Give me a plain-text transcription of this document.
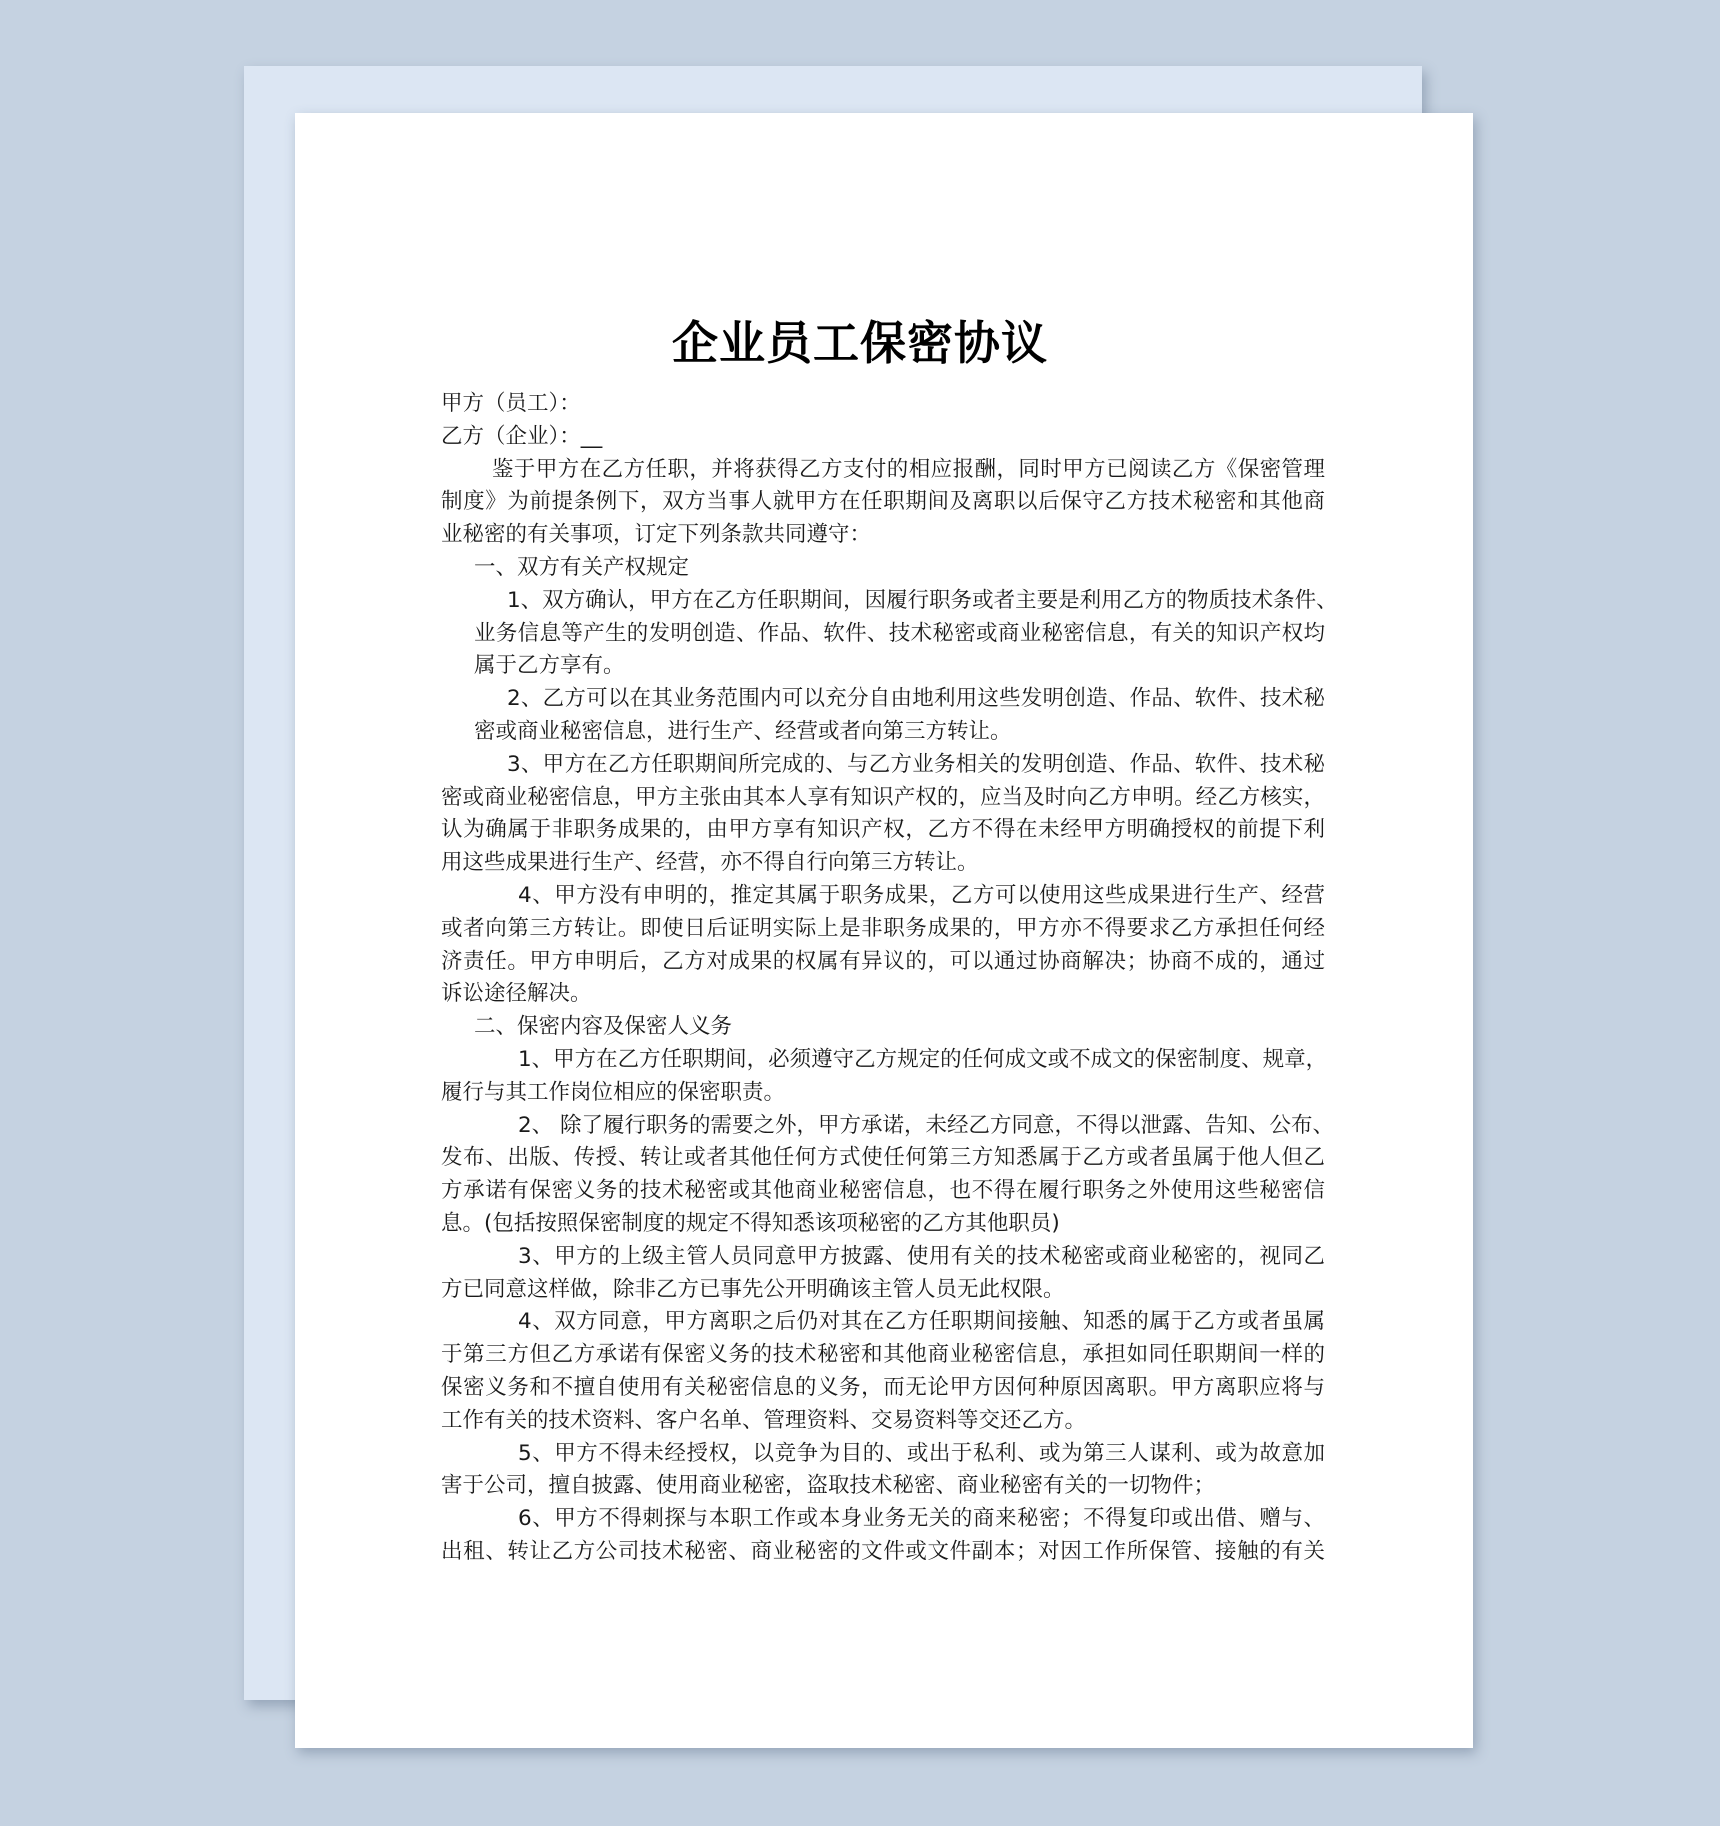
企业员工保密协议
甲方（员工）：
乙方（企业）：__
鉴于甲方在乙方任职，并将获得乙方支付的相应报酬，同时甲方已阅读乙方《保密管理
制度》为前提条例下，双方当事人就甲方在任职期间及离职以后保守乙方技术秘密和其他商
业秘密的有关事项，订定下列条款共同遵守：
一、双方有关产权规定
1、双方确认，甲方在乙方任职期间，因履行职务或者主要是利用乙方的物质技术条件、
业务信息等产生的发明创造、作品、软件、技术秘密或商业秘密信息，有关的知识产权均
属于乙方享有。
2、乙方可以在其业务范围内可以充分自由地利用这些发明创造、作品、软件、技术秘
密或商业秘密信息，进行生产、经营或者向第三方转让。
3、甲方在乙方任职期间所完成的、与乙方业务相关的发明创造、作品、软件、技术秘
密或商业秘密信息，甲方主张由其本人享有知识产权的，应当及时向乙方申明。经乙方核实，
认为确属于非职务成果的，由甲方享有知识产权，乙方不得在未经甲方明确授权的前提下利
用这些成果进行生产、经营，亦不得自行向第三方转让。
4、甲方没有申明的，推定其属于职务成果，乙方可以使用这些成果进行生产、经营
或者向第三方转让。即使日后证明实际上是非职务成果的，甲方亦不得要求乙方承担任何经
济责任。甲方申明后，乙方对成果的权属有异议的，可以通过协商解决；协商不成的，通过
诉讼途径解决。
二、保密内容及保密人义务
1、甲方在乙方任职期间，必须遵守乙方规定的任何成文或不成文的保密制度、规章，
履行与其工作岗位相应的保密职责。
2、 除了履行职务的需要之外，甲方承诺，未经乙方同意，不得以泄露、告知、公布、
发布、出版、传授、转让或者其他任何方式使任何第三方知悉属于乙方或者虽属于他人但乙
方承诺有保密义务的技术秘密或其他商业秘密信息，也不得在履行职务之外使用这些秘密信
息。(包括按照保密制度的规定不得知悉该项秘密的乙方其他职员)
3、甲方的上级主管人员同意甲方披露、使用有关的技术秘密或商业秘密的，视同乙
方已同意这样做，除非乙方已事先公开明确该主管人员无此权限。
4、双方同意，甲方离职之后仍对其在乙方任职期间接触、知悉的属于乙方或者虽属
于第三方但乙方承诺有保密义务的技术秘密和其他商业秘密信息，承担如同任职期间一样的
保密义务和不擅自使用有关秘密信息的义务，而无论甲方因何种原因离职。甲方离职应将与
工作有关的技术资料、客户名单、管理资料、交易资料等交还乙方。
5、甲方不得未经授权，以竞争为目的、或出于私利、或为第三人谋利、或为故意加
害于公司，擅自披露、使用商业秘密，盗取技术秘密、商业秘密有关的一切物件；
6、甲方不得刺探与本职工作或本身业务无关的商来秘密；不得复印或出借、赠与、
出租、转让乙方公司技术秘密、商业秘密的文件或文件副本；对因工作所保管、接触的有关
